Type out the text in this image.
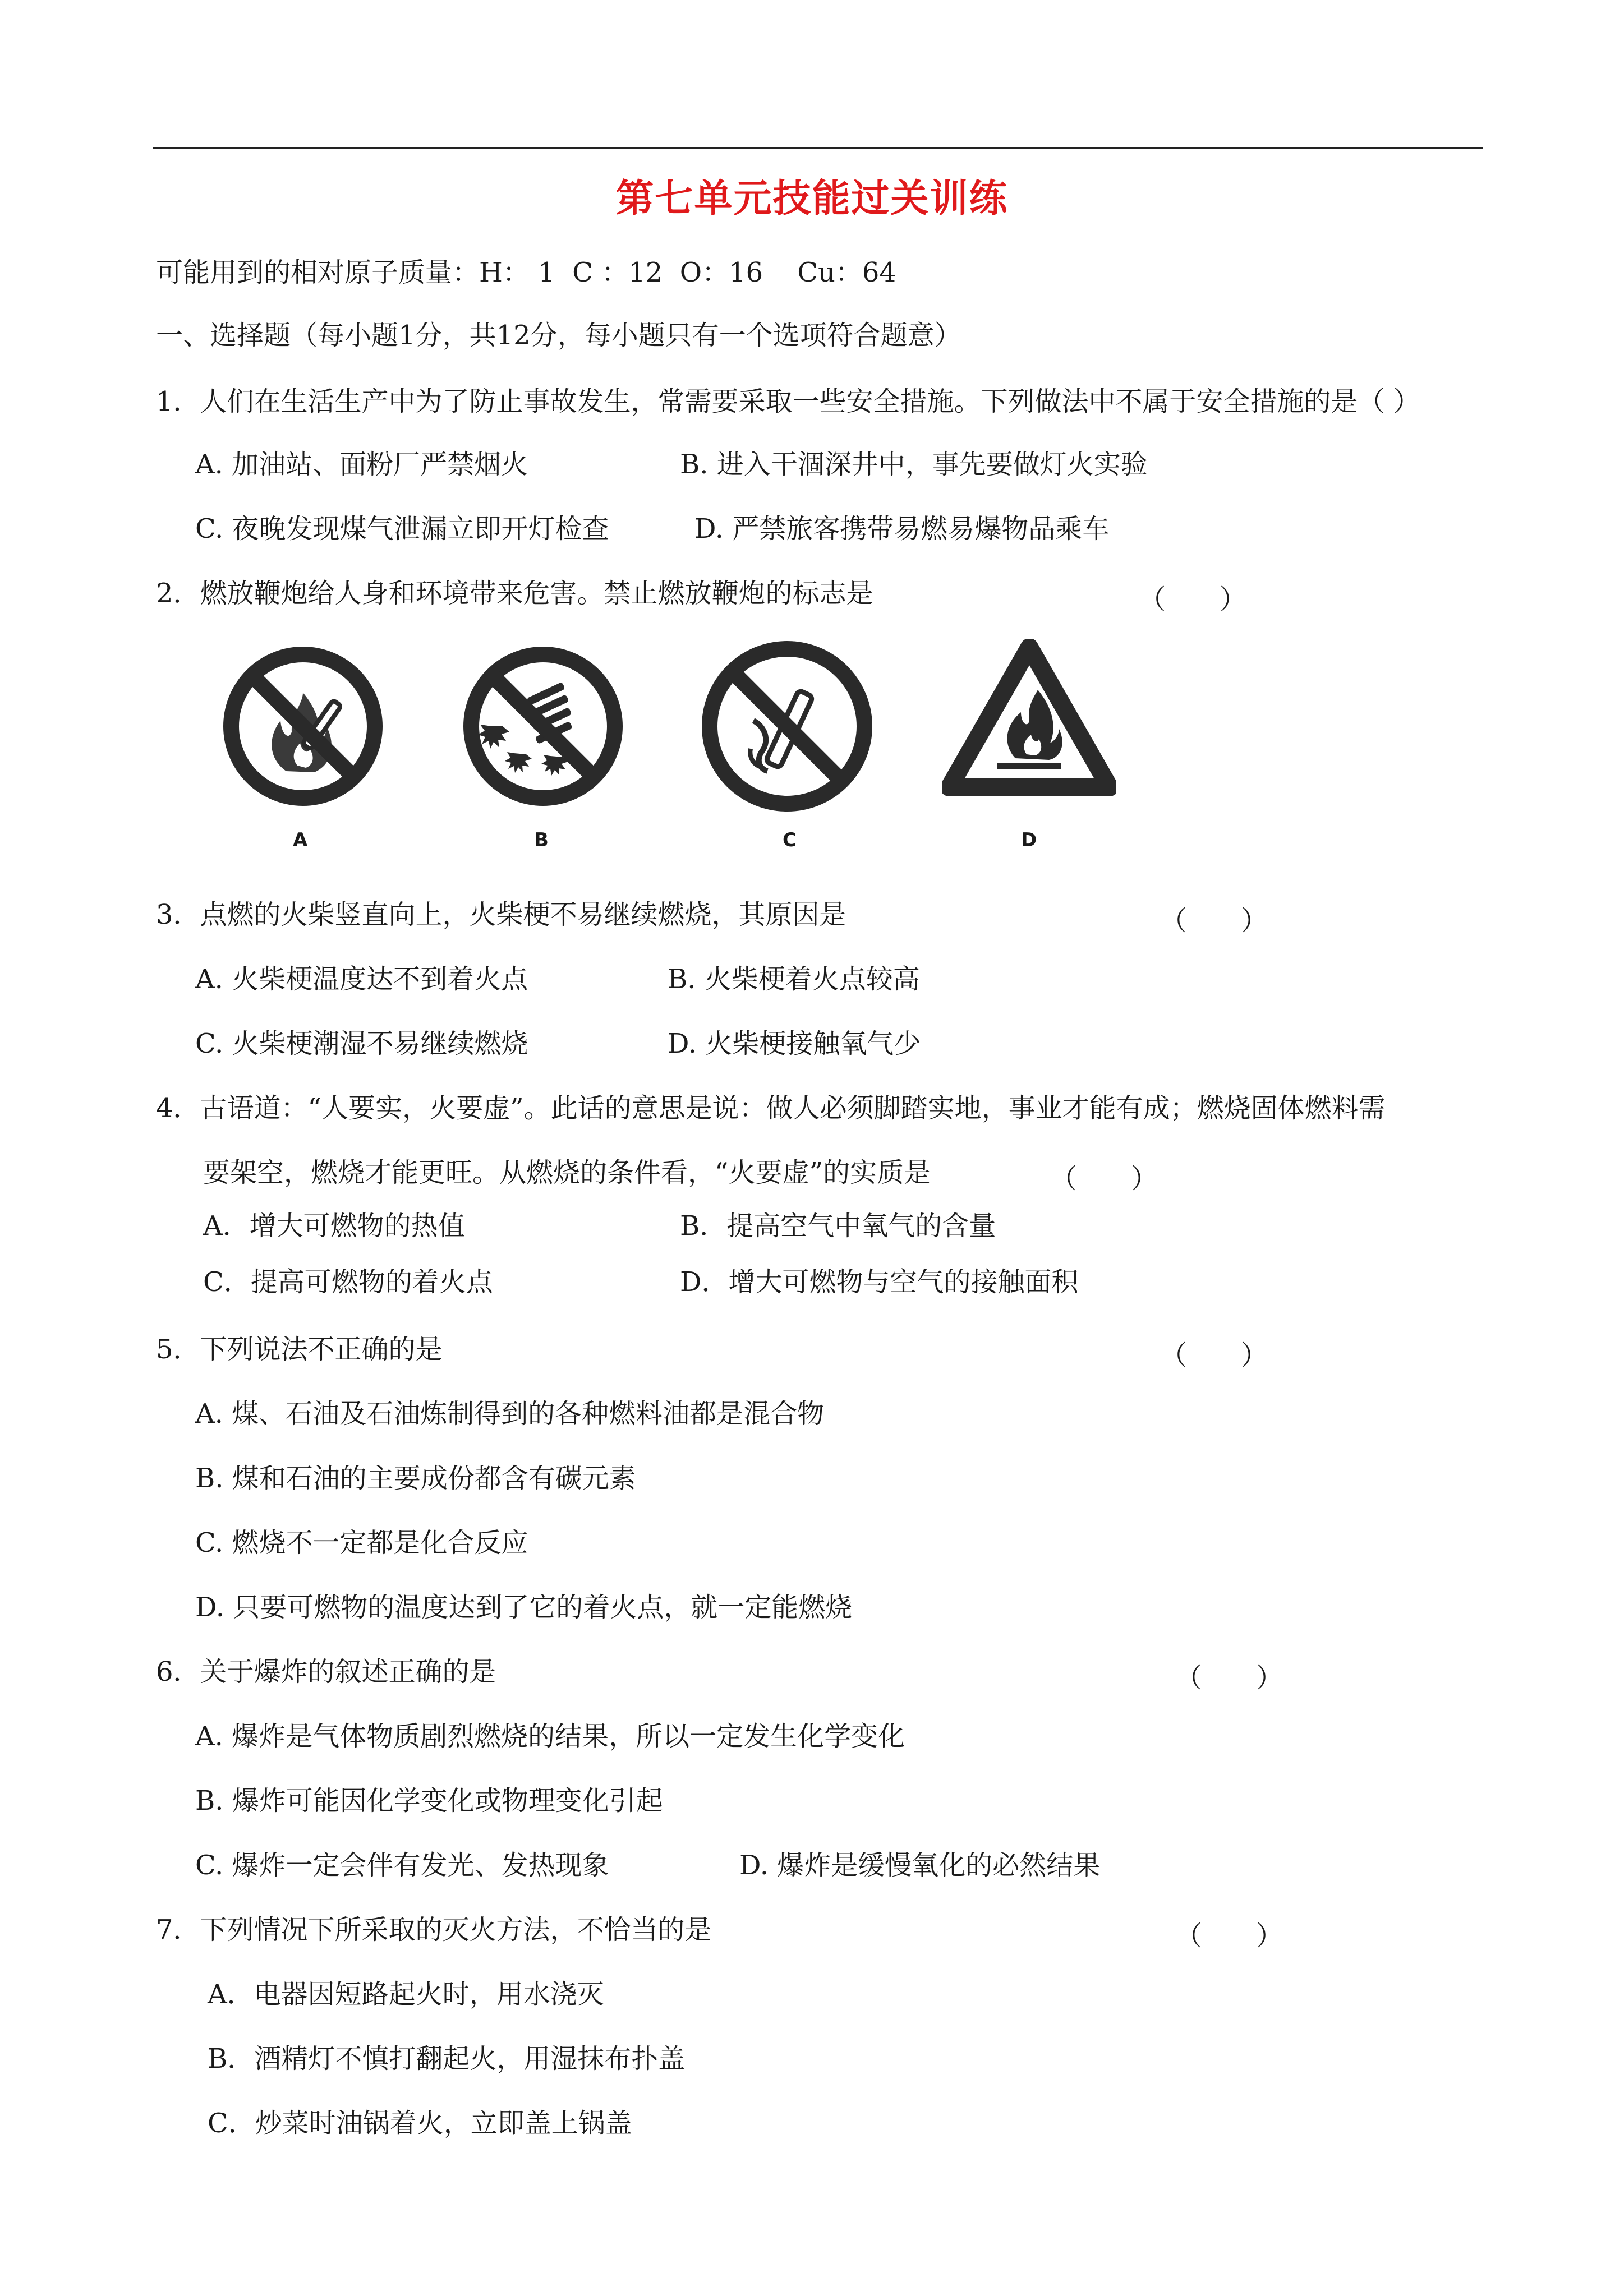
第七单元技能过关训练
可能用到的相对原子质量：H： 1  C ：12  O：16    Cu：64
一、选择题（每小题1分，共12分，每小题只有一个选项符合题意）
1．人们在生活生产中为了防止事故发生，常需要采取一些安全措施。下列做法中不属于安全措施的是（ ）
A. 加油站、面粉厂严禁烟火	B. 进入干涸深井中，事先要做灯火实验
C. 夜晚发现煤气泄漏立即开灯检查	D. 严禁旅客携带易燃易爆物品乘车
2．燃放鞭炮给人身和环境带来危害。禁止燃放鞭炮的标志是	（　　）
A	B	C	D
3．点燃的火柴竖直向上，火柴梗不易继续燃烧，其原因是	（　　）
A. 火柴梗温度达不到着火点	B. 火柴梗着火点较高
C. 火柴梗潮湿不易继续燃烧	D. 火柴梗接触氧气少
4．古语道：“人要实，火要虚”。此话的意思是说：做人必须脚踏实地，事业才能有成；燃烧固体燃料需
要架空，燃烧才能更旺。从燃烧的条件看，“火要虚”的实质是	（　　）
A．增大可燃物的热值	B．提高空气中氧气的含量
C．提高可燃物的着火点	D．增大可燃物与空气的接触面积
5．下列说法不正确的是	（　　）
A. 煤、石油及石油炼制得到的各种燃料油都是混合物
B. 煤和石油的主要成份都含有碳元素
C. 燃烧不一定都是化合反应
D. 只要可燃物的温度达到了它的着火点，就一定能燃烧
6．关于爆炸的叙述正确的是	（　　）
A. 爆炸是气体物质剧烈燃烧的结果，所以一定发生化学变化
B. 爆炸可能因化学变化或物理变化引起
C. 爆炸一定会伴有发光、发热现象	D. 爆炸是缓慢氧化的必然结果
7．下列情况下所采取的灭火方法，不恰当的是	（　　）
A．电器因短路起火时，用水浇灭
B．酒精灯不慎打翻起火，用湿抹布扑盖
C．炒菜时油锅着火，立即盖上锅盖
